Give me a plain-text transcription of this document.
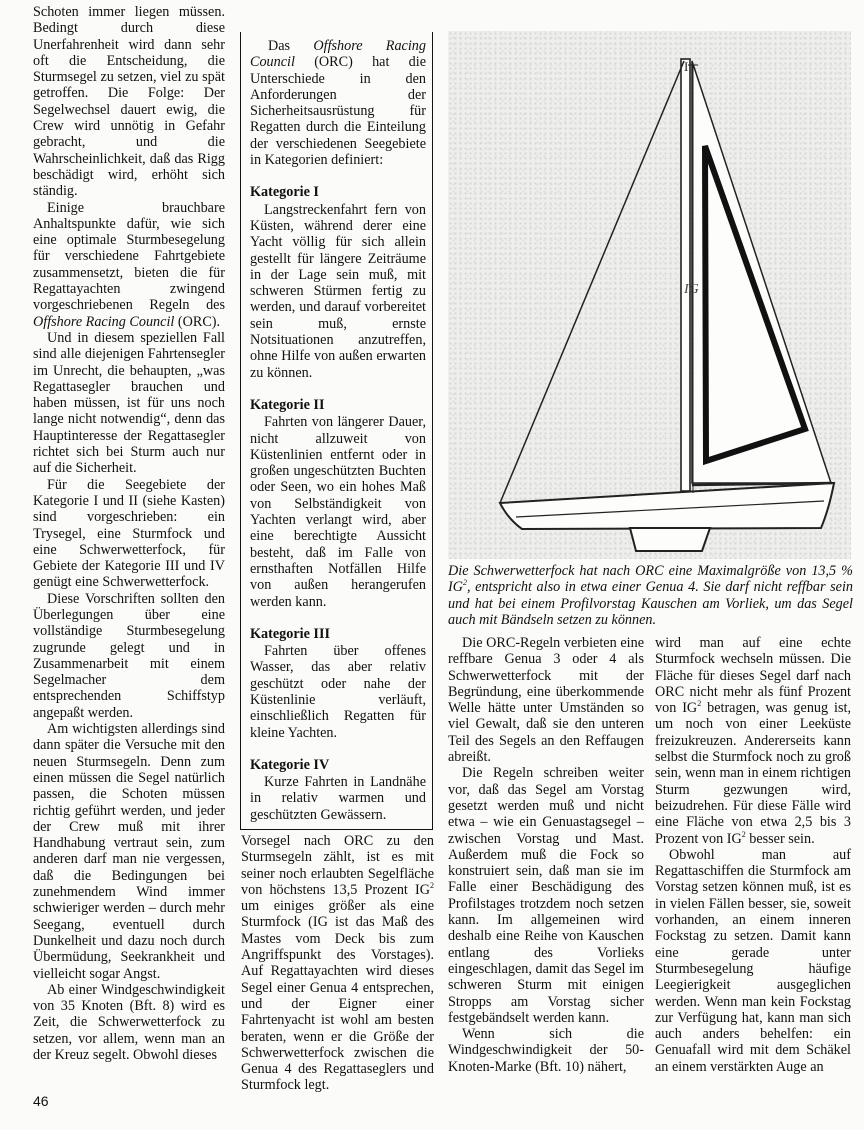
Schoten immer liegen müssen. Bedingt durch diese Unerfahrenheit wird dann sehr oft die Entscheidung, die Sturmsegel zu setzen, viel zu spät getroffen. Die Folge: Der Segelwechsel dauert ewig, die Crew wird unnötig in Gefahr gebracht, und die Wahrscheinlichkeit, daß das Rigg beschädigt wird, erhöht sich ständig.

Einige brauchbare Anhaltspunkte dafür, wie sich eine optimale Sturmbesegelung für verschiedene Fahrtgebiete zusammensetzt, bieten die für Regattayachten zwingend vorgeschriebenen Regeln des Offshore Racing Council (ORC).

Und in diesem speziellen Fall sind alle diejenigen Fahrtensegler im Unrecht, die behaupten, „was Regattasegler brauchen und haben müssen, ist für uns noch lange nicht notwendig“, denn das Hauptinteresse der Regattasegler richtet sich bei Sturm auch nur auf die Sicherheit.

Für die Seegebiete der Kategorie I und II (siehe Kasten) sind vorgeschrieben: ein Trysegel, eine Sturmfock und eine Schwerwetterfock, für Gebiete der Kategorie III und IV genügt eine Schwerwetterfock.

Diese Vorschriften sollten den Überlegungen über eine vollständige Sturmbesegelung zugrunde gelegt und in Zusammenarbeit mit einem Segelmacher dem entsprechenden Schiffstyp angepaßt werden.

Am wichtigsten allerdings sind dann später die Versuche mit den neuen Sturmsegeln. Denn zum einen müssen die Segel natürlich passen, die Schoten müssen richtig geführt werden, und jeder der Crew muß mit ihrer Handhabung vertraut sein, zum anderen darf man nie vergessen, daß die Bedingungen bei zunehmendem Wind immer schwieriger werden – durch mehr Seegang, eventuell durch Dunkelheit und dazu noch durch Übermüdung, Seekrankheit und vielleicht sogar Angst.

Ab einer Windgeschwindigkeit von 35 Knoten (Bft. 8) wird es Zeit, die Schwerwetterfock zu setzen, vor allem, wenn man an der Kreuz segelt. Obwohl dieses

Das Offshore Racing Council (ORC) hat die Unterschiede in den Anforderungen der Sicherheitsausrüstung für Regatten durch die Einteilung der verschiedenen Seegebiete in Kategorien definiert:

Kategorie I

Langstreckenfahrt fern von Küsten, während derer eine Yacht völlig für sich allein gestellt für längere Zeiträume in der Lage sein muß, mit schweren Stürmen fertig zu werden, und darauf vorbereitet sein muß, ernste Notsituationen anzutreffen, ohne Hilfe von außen erwarten zu können.

Kategorie II

Fahrten von längerer Dauer, nicht allzuweit von Küstenlinien entfernt oder in großen ungeschützten Buchten oder Seen, wo ein hohes Maß von Selbständigkeit von Yachten verlangt wird, aber eine berechtigte Aussicht besteht, daß im Falle von ernsthaften Notfällen Hilfe von außen herangerufen werden kann.

Kategorie III

Fahrten über offenes Wasser, das aber relativ geschützt oder nahe der Küstenlinie verläuft, einschließlich Regatten für kleine Yachten.

Kategorie IV

Kurze Fahrten in Landnähe in relativ warmen und geschützten Gewässern.

Vorsegel nach ORC zu den Sturmsegeln zählt, ist es mit seiner noch erlaubten Segelfläche von höchstens 13,5 Prozent $IG^2$ um einiges größer als eine Sturmfock (IG ist das Maß des Mastes vom Deck bis zum Angriffspunkt des Vorstages). Auf Regattayachten wird dieses Segel einer Genua 4 entsprechen, und der Eigner einer Fahrtenyacht ist wohl am besten beraten, wenn er die Größe der Schwerwetterfock zwischen die Genua 4 des Regattaseglers und Sturmfock legt.

I
IG
Die Schwerwetterfock hat nach ORC eine Maximalgröße von 13,5 % $IG^2$, entspricht also in etwa einer Genua 4. Sie darf nicht reffbar sein und hat bei einem Profilvorstag Kauschen am Vorliek, um das Segel auch mit Bändseln setzen zu können.

Die ORC-Regeln verbieten eine reffbare Genua 3 oder 4 als Schwerwetterfock mit der Begründung, eine überkommende Welle hätte unter Umständen so viel Gewalt, daß sie den unteren Teil des Segels an den Reffaugen abreißt.

Die Regeln schreiben weiter vor, daß das Segel am Vorstag gesetzt werden muß und nicht etwa – wie ein Genuastagsegel – zwischen Vorstag und Mast. Außerdem muß die Fock so konstruiert sein, daß man sie im Falle einer Beschädigung des Profilstages trotzdem noch setzen kann. Im allgemeinen wird deshalb eine Reihe von Kauschen entlang des Vorlieks eingeschlagen, damit das Segel im schweren Sturm mit einigen Stropps am Vorstag sicher festgebändselt werden kann.

Wenn sich die Windgeschwindigkeit der 50-Knoten-Marke (Bft. 10) nähert,

wird man auf eine echte Sturmfock wechseln müssen. Die Fläche für dieses Segel darf nach ORC nicht mehr als fünf Prozent von $IG^2$ betragen, was genug ist, um noch von einer Leeküste freizukreuzen. Andererseits kann selbst die Sturmfock noch zu groß sein, wenn man in einem richtigen Sturm gezwungen wird, beizudrehen. Für diese Fälle wird eine Fläche von etwa 2,5 bis 3 Prozent von $IG^2$ besser sein.

Obwohl man auf Regattaschiffen die Sturmfock am Vorstag setzen können muß, ist es in vielen Fällen besser, sie, soweit vorhanden, an einem inneren Fockstag zu setzen. Damit kann eine gerade unter Sturmbesegelung häufige Leegierigkeit ausgeglichen werden. Wenn man kein Fockstag zur Verfügung hat, kann man sich auch anders behelfen: ein Genuafall wird mit dem Schäkel an einem verstärkten Auge an

46
